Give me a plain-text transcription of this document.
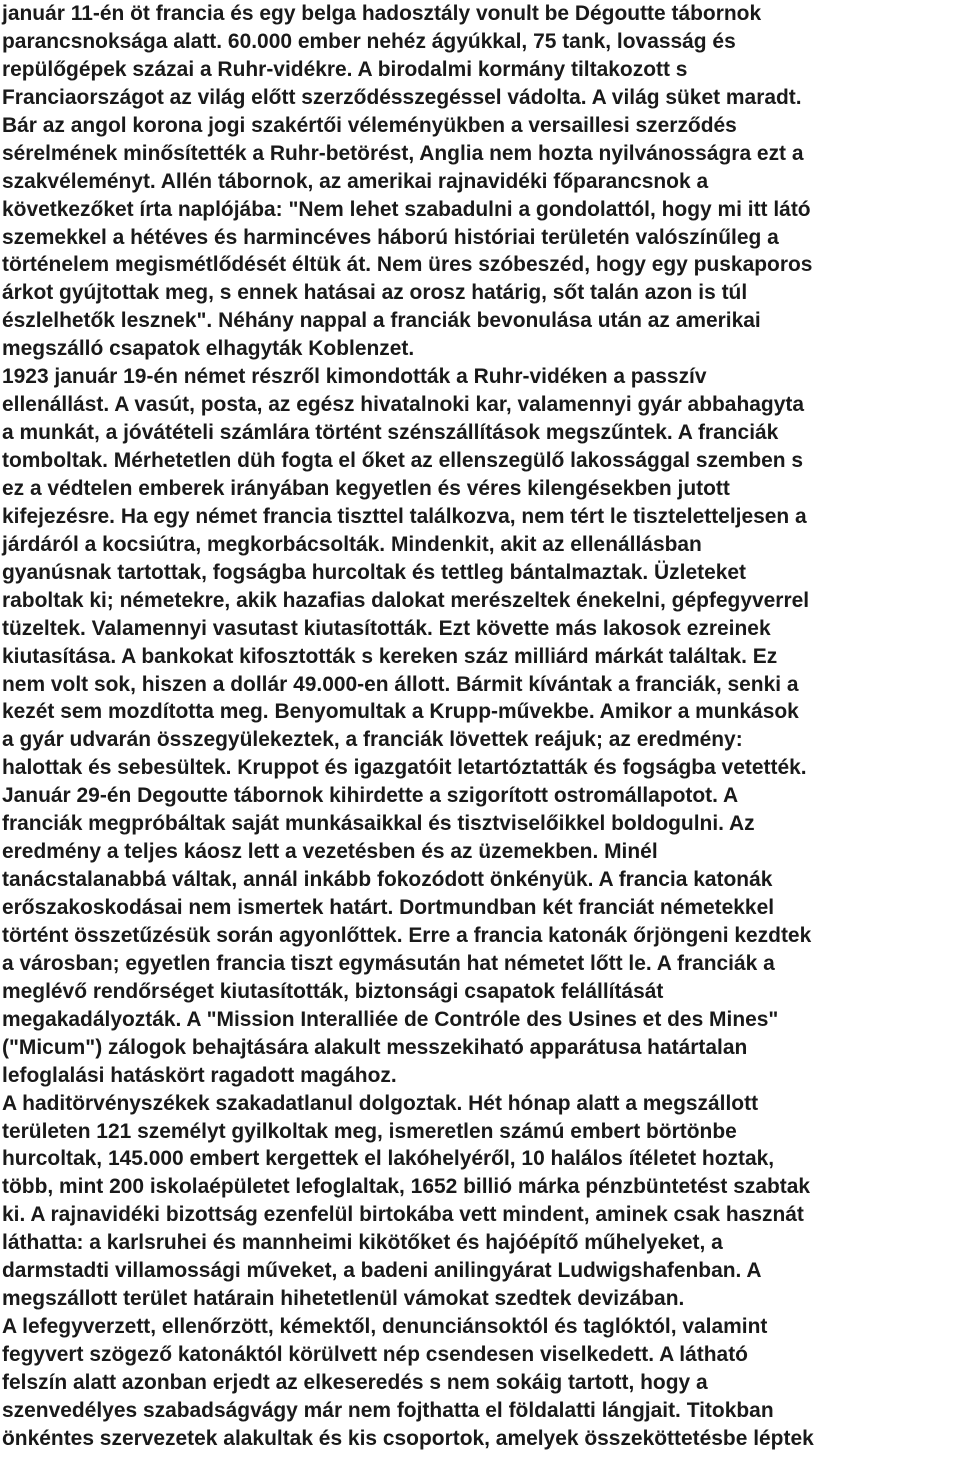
január 11-én öt francia és egy belga hadosztály vonult be Dégoutte tábornok
parancsnoksága alatt. 60.000 ember nehéz ágyúkkal, 75 tank, lovasság és
repülőgépek százai a Ruhr-vidékre. A birodalmi kormány tiltakozott s
Franciaországot az világ előtt szerződésszegéssel vádolta. A világ süket maradt.
Bár az angol korona jogi szakértői véleményükben a versaillesi szerződés
sérelmének minősítették a Ruhr-betörést, Anglia nem hozta nyilvánosságra ezt a
szakvéleményt. Allén tábornok, az amerikai rajnavidéki főparancsnok a
következőket írta naplójába: "Nem lehet szabadulni a gondolattól, hogy mi itt látó
szemekkel a hétéves és harmincéves háború históriai területén valószínűleg a
történelem megismétlődését éltük át. Nem üres szóbeszéd, hogy egy puskaporos
árkot gyújtottak meg, s ennek hatásai az orosz határig, sőt talán azon is túl
észlelhetők lesznek". Néhány nappal a franciák bevonulása után az amerikai
megszálló csapatok elhagyták Koblenzet.
1923 január 19-én német részről kimondották a Ruhr-vidéken a passzív
ellenállást. A vasút, posta, az egész hivatalnoki kar, valamennyi gyár abbahagyta
a munkát, a jóvátételi számlára történt szénszállítások megszűntek. A franciák
tomboltak. Mérhetetlen düh fogta el őket az ellenszegülő lakossággal szemben s
ez a védtelen emberek irányában kegyetlen és véres kilengésekben jutott
kifejezésre. Ha egy német francia tiszttel találkozva, nem tért le tiszteletteljesen a
járdáról a kocsiútra, megkorbácsolták. Mindenkit, akit az ellenállásban
gyanúsnak tartottak, fogságba hurcoltak és tettleg bántalmaztak. Üzleteket
raboltak ki; németekre, akik hazafias dalokat merészeltek énekelni, gépfegyverrel
tüzeltek. Valamennyi vasutast kiutasították. Ezt követte más lakosok ezreinek
kiutasítása. A bankokat kifosztották s kereken száz milliárd márkát találtak. Ez
nem volt sok, hiszen a dollár 49.000-en állott. Bármit kívántak a franciák, senki a
kezét sem mozdította meg. Benyomultak a Krupp-művekbe. Amikor a munkások
a gyár udvarán összegyülekeztek, a franciák lövettek reájuk; az eredmény:
halottak és sebesültek. Kruppot és igazgatóit letartóztatták és fogságba vetették.
Január 29-én Degoutte tábornok kihirdette a szigorított ostromállapotot. A
franciák megpróbáltak saját munkásaikkal és tisztviselőikkel boldogulni. Az
eredmény a teljes káosz lett a vezetésben és az üzemekben. Minél
tanácstalanabbá váltak, annál inkább fokozódott önkényük. A francia katonák
erőszakoskodásai nem ismertek határt. Dortmundban két franciát németekkel
történt összetűzésük során agyonlőttek. Erre a francia katonák őrjöngeni kezdtek
a városban; egyetlen francia tiszt egymásután hat németet lőtt le. A franciák a
meglévő rendőrséget kiutasították, biztonsági csapatok felállítását
megakadályozták. A "Mission Interalliée de Contróle des Usines et des Mines"
("Micum") zálogok behajtására alakult messzekiható apparátusa határtalan
lefoglalási hatáskört ragadott magához.
A haditörvényszékek szakadatlanul dolgoztak. Hét hónap alatt a megszállott
területen 121 személyt gyilkoltak meg, ismeretlen számú embert börtönbe
hurcoltak, 145.000 embert kergettek el lakóhelyéről, 10 halálos ítéletet hoztak,
több, mint 200 iskolaépületet lefoglaltak, 1652 billió márka pénzbüntetést szabtak
ki. A rajnavidéki bizottság ezenfelül birtokába vett mindent, aminek csak hasznát
láthatta: a karlsruhei és mannheimi kikötőket és hajóépítő műhelyeket, a
darmstadti villamossági műveket, a badeni anilingyárat Ludwigshafenban. A
megszállott terület határain hihetetlenül vámokat szedtek devizában.
A lefegyverzett, ellenőrzött, kémektől, denunciánsoktól és taglóktól, valamint
fegyvert szögező katonáktól körülvett nép csendesen viselkedett. A látható
felszín alatt azonban erjedt az elkeseredés s nem sokáig tartott, hogy a
szenvedélyes szabadságvágy már nem fojthatta el földalatti lángjait. Titokban
önkéntes szervezetek alakultak és kis csoportok, amelyek összeköttetésbe léptek
